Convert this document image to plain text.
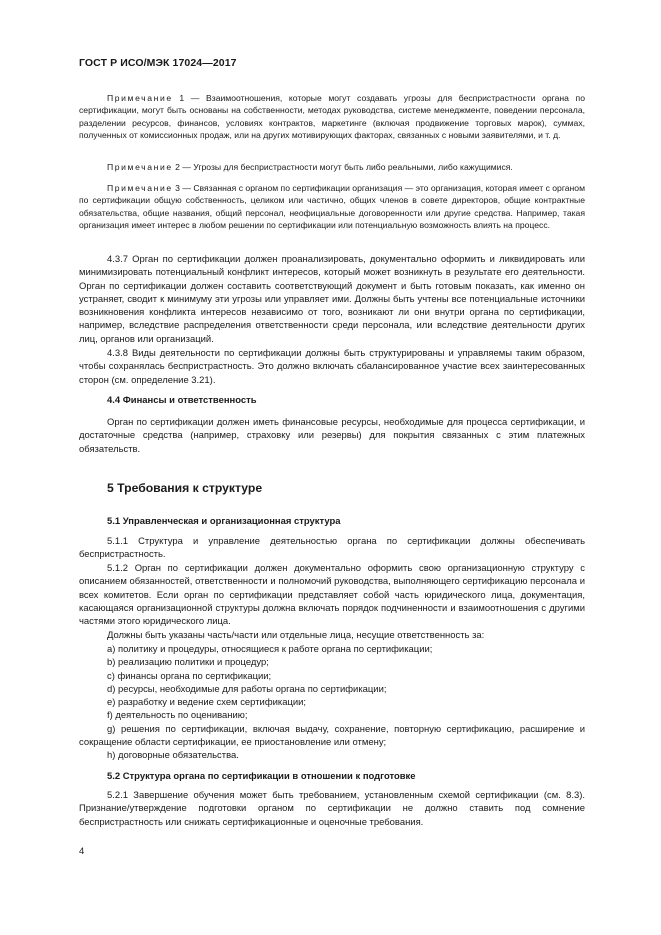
ГОСТ Р ИСО/МЭК 17024—2017
Примечание 1 — Взаимоотношения, которые могут создавать угрозы для беспристрастности органа по сертификации, могут быть основаны на собственности, методах руководства, системе менеджменте, поведении персонала, разделении ресурсов, финансов, условиях контрактов, маркетинге (включая продвижение торговых марок), суммах, полученных от комиссионных продаж, или на других мотивирующих факторах, связанных с новыми заявителями, и т. д.
Примечание 2 — Угрозы для беспристрастности могут быть либо реальными, либо кажущимися.
Примечание 3 — Связанная с органом по сертификации организация — это организация, которая имеет с органом по сертификации общую собственность, целиком или частично, общих членов в совете директоров, общие контрактные обязательства, общие названия, общий персонал, неофициальные договоренности или другие средства. Например, такая организация имеет интерес в любом решении по сертификации или потенциальную возможность влиять на процесс.
4.3.7 Орган по сертификации должен проанализировать, документально оформить и ликвидировать или минимизировать потенциальный конфликт интересов, который может возникнуть в результате его деятельности. Орган по сертификации должен составить соответствующий документ и быть готовым показать, как именно он устраняет, сводит к минимуму эти угрозы или управляет ими. Должны быть учтены все потенциальные источники возникновения конфликта интересов независимо от того, возникают ли они внутри органа по сертификации, например, вследствие распределения ответственности среди персонала, или вследствие деятельности других лиц, органов или организаций.
4.3.8 Виды деятельности по сертификации должны быть структурированы и управляемы таким образом, чтобы сохранялась беспристрастность. Это должно включать сбалансированное участие всех заинтересованных сторон (см. определение 3.21).
4.4 Финансы и ответственность
Орган по сертификации должен иметь финансовые ресурсы, необходимые для процесса сертификации, и достаточные средства (например, страховку или резервы) для покрытия связанных с этим платежных обязательств.
5 Требования к структуре
5.1 Управленческая и организационная структура
5.1.1 Структура и управление деятельностью органа по сертификации должны обеспечивать беспристрастность.
5.1.2 Орган по сертификации должен документально оформить свою организационную структуру с описанием обязанностей, ответственности и полномочий руководства, выполняющего сертификацию персонала и всех комитетов. Если орган по сертификации представляет собой часть юридического лица, документация, касающаяся организационной структуры должна включать порядок подчиненности и взаимоотношения с другими частями этого юридического лица.
Должны быть указаны часть/части или отдельные лица, несущие ответственность за:

a) политику и процедуры, относящиеся к работе органа по сертификации;

b) реализацию политики и процедур;

c) финансы органа по сертификации;

d) ресурсы, необходимые для работы органа по сертификации;

e) разработку и ведение схем сертификации;

f) деятельность по оцениванию;

g) решения по сертификации, включая выдачу, сохранение, повторную сертификацию, расширение и сокращение области сертификации, ее приостановление или отмену;

h) договорные обязательства.

5.2 Структура органа по сертификации в отношении к подготовке
5.2.1 Завершение обучения может быть требованием, установленным схемой сертификации (см. 8.3). Признание/утверждение подготовки органом по сертификации не должно ставить под сомнение беспристрастность или снижать сертификационные и оценочные требования.
4
